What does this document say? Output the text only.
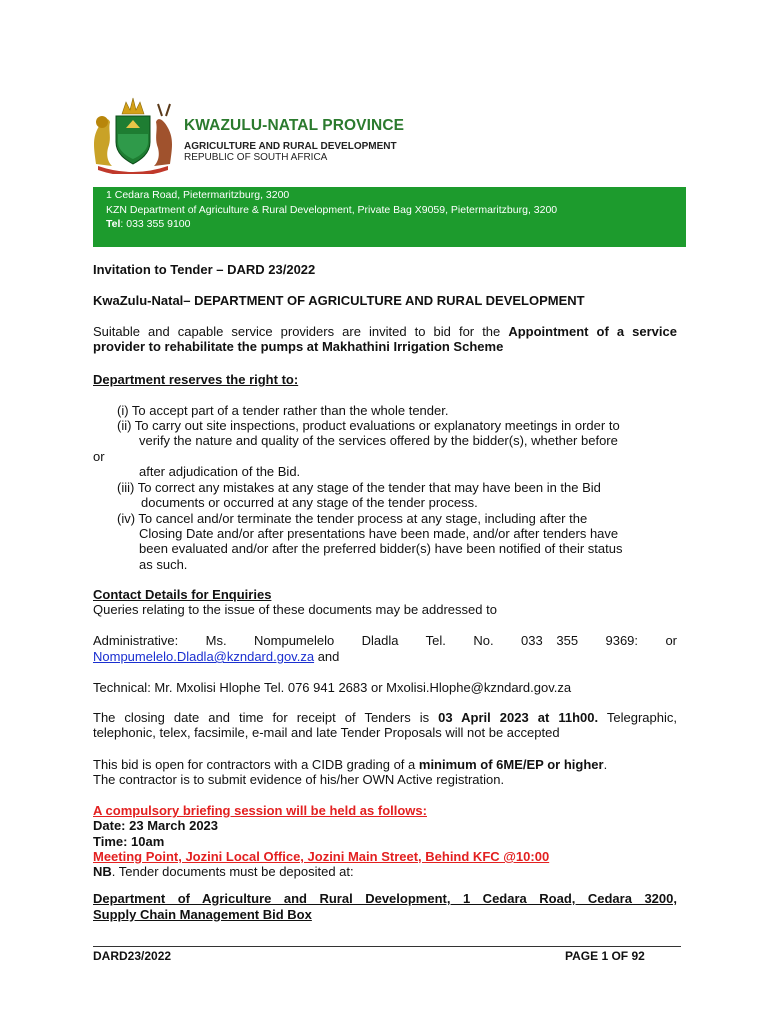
KWAZULU-NATAL PROVINCE
AGRICULTURE AND RURAL DEVELOPMENT
REPUBLIC OF SOUTH AFRICA
1 Cedara Road, Pietermaritzburg, 3200
KZN Department of Agriculture & Rural Development, Private Bag X9059, Pietermaritzburg, 3200
Tel: 033 355 9100
Invitation to Tender – DARD 23/2022
KwaZulu-Natal– DEPARTMENT OF AGRICULTURE AND RURAL DEVELOPMENT
Suitable and capable service providers are invited to bid for the Appointment of a service
provider to rehabilitate the pumps at Makhathini Irrigation Scheme
Department reserves the right to:
(i) To accept part of a tender rather than the whole tender.
(ii) To carry out site inspections, product evaluations or explanatory meetings in order to
verify the nature and quality of the services offered by the bidder(s), whether before
or
after adjudication of the Bid.
(iii) To correct any mistakes at any stage of the tender that may have been in the Bid
documents or occurred at any stage of the tender process.
(iv) To cancel and/or terminate the tender process at any stage, including after the
Closing Date and/or after presentations have been made, and/or after tenders have
been evaluated and/or after the preferred bidder(s) have been notified of their status
as such.
Contact Details for Enquiries
Queries relating to the issue of these documents may be addressed to
Administrative:  Ms.  Nompumelelo  Dladla  Tel.  No.  033 355  9369:  or
Nompumelelo.Dladla@kzndard.gov.za and
Technical: Mr. Mxolisi Hlophe Tel. 076 941 2683 or Mxolisi.Hlophe@kzndard.gov.za
The closing date and time for receipt of Tenders is 03 April 2023 at 11h00. Telegraphic,
telephonic, telex, facsimile, e-mail and late Tender Proposals will not be accepted
This bid is open for contractors with a CIDB grading of a minimum of 6ME/EP or higher.
The contractor is to submit evidence of his/her OWN Active registration.
A compulsory briefing session will be held as follows:
Date: 23 March 2023
Time: 10am
Meeting Point, Jozini Local Office, Jozini Main Street, Behind KFC @10:00
NB. Tender documents must be deposited at:
Department of Agriculture and Rural Development, 1 Cedara Road, Cedara 3200,
Supply Chain Management Bid Box
DARD23/2022	PAGE 1 OF 92
